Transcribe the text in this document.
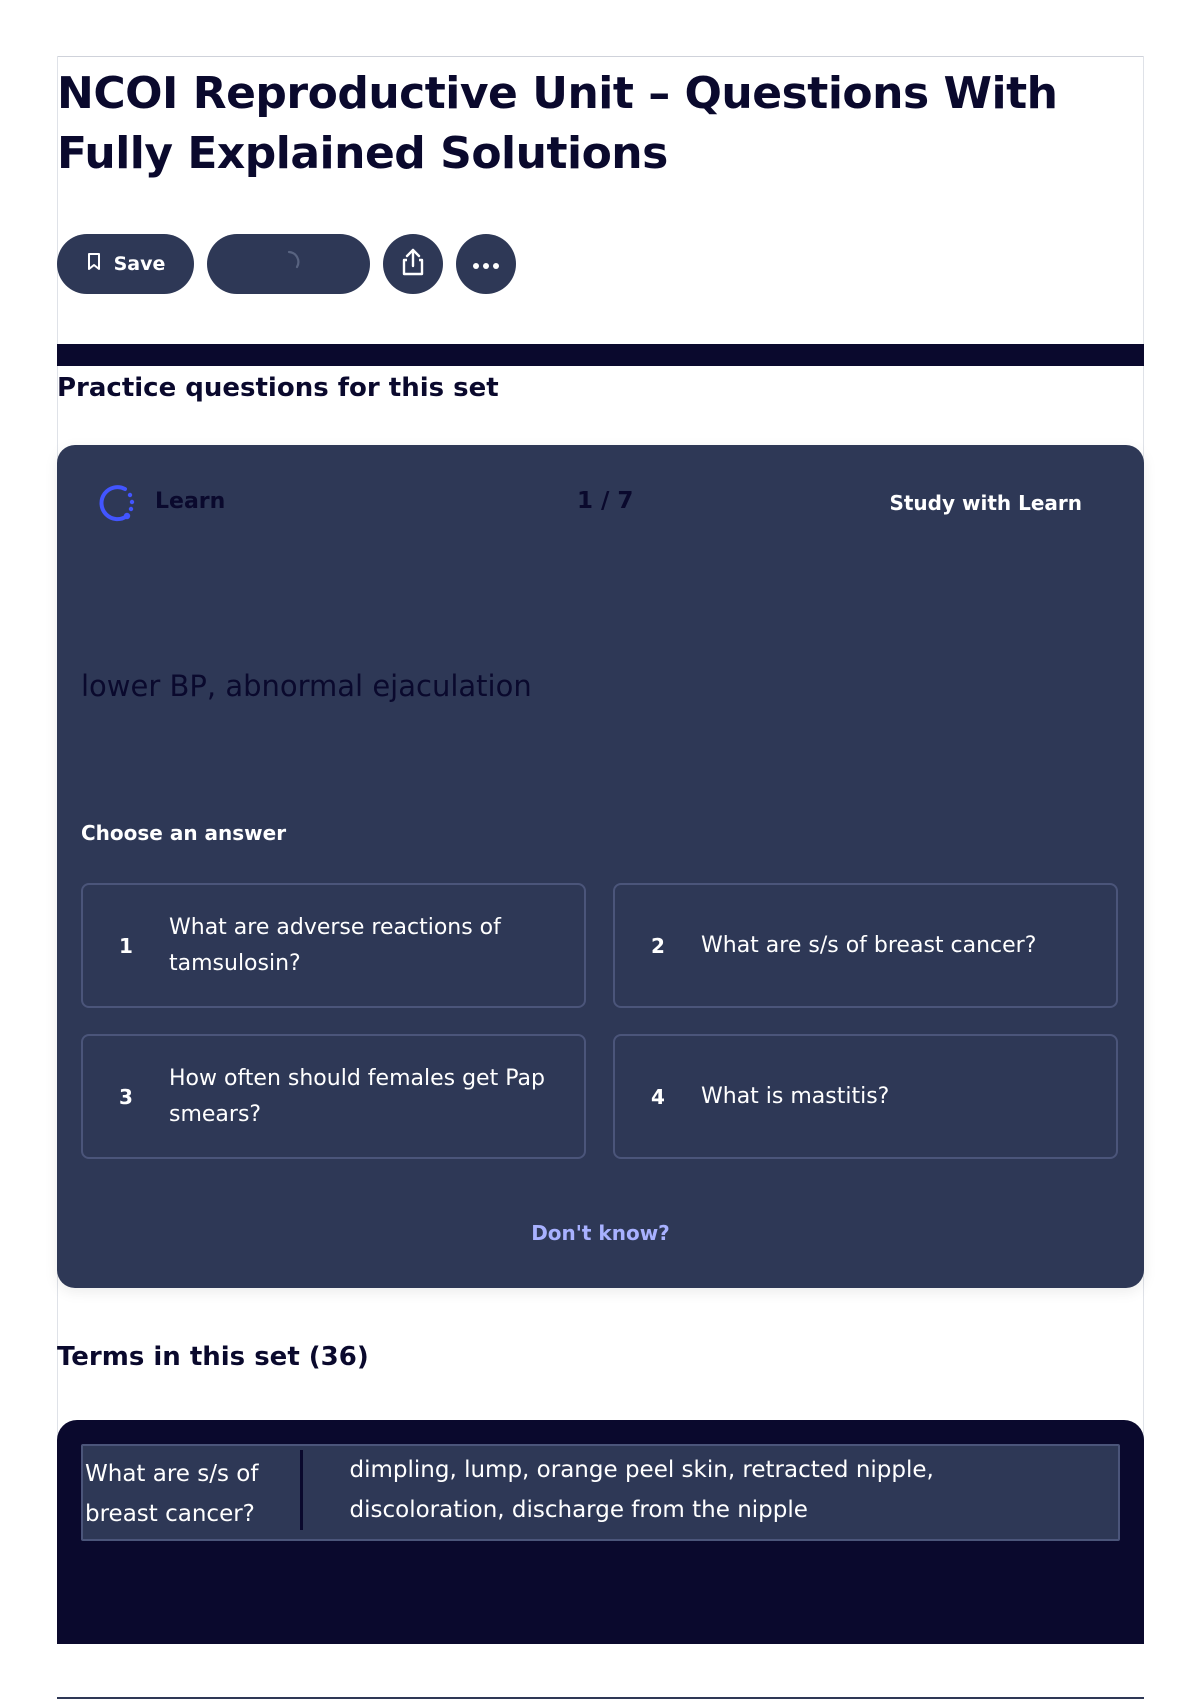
NCOI Reproductive Unit – Questions With Fully Explained Solutions
Save
Practice questions for this set
Learn	1 / 7	Study with Learn
lower BP, abnormal ejaculation
Choose an answer
1
What are adverse reactions of tamsulosin?
2	What are s/s of breast cancer?
3
How often should females get Pap smears?
4	What is mastitis?
Don't know?
Terms in this set (36)
What are s/s of breast cancer?
dimpling, lump, orange peel skin, retracted nipple, discoloration, discharge from the nipple
